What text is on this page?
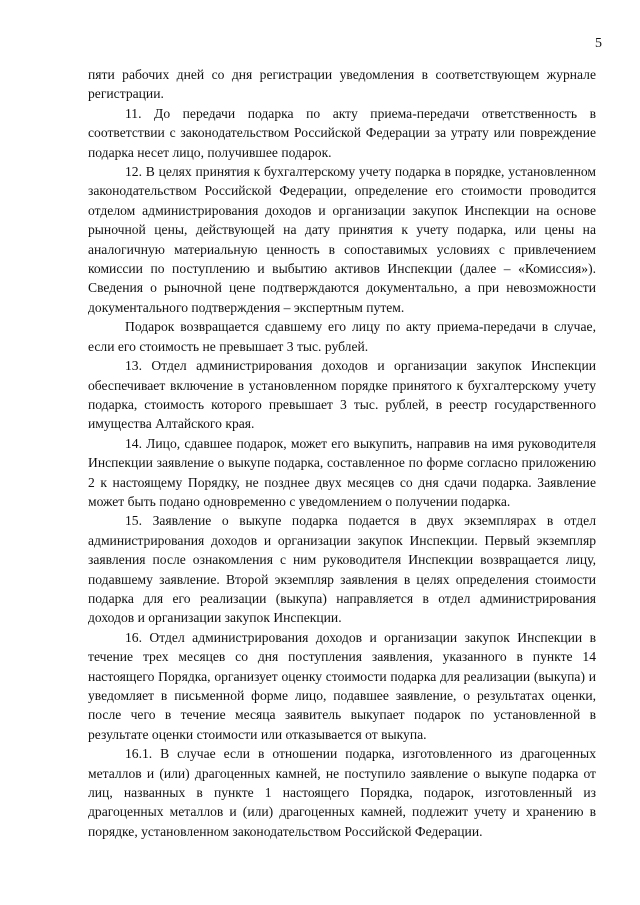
5

пяти рабочих дней со дня регистрации уведомления в соответствующем журнале регистрации.

11. До передачи подарка по акту приема-передачи ответственность в соответствии с законодательством Российской Федерации за утрату или повреждение подарка несет лицо, получившее подарок.

12. В целях принятия к бухгалтерскому учету подарка в порядке, установленном законодательством Российской Федерации, определение его стоимости проводится отделом администрирования доходов и организации закупок Инспекции на основе рыночной цены, действующей на дату принятия к учету подарка, или цены на аналогичную материальную ценность в сопоставимых условиях с привлечением комиссии по поступлению и выбытию активов Инспекции (далее – «Комиссия»). Сведения о рыночной цене подтверждаются документально, а при невозможности документального подтверждения – экспертным путем.

Подарок возвращается сдавшему его лицу по акту приема-передачи в случае, если его стоимость не превышает 3 тыс. рублей.

13. Отдел администрирования доходов и организации закупок Инспекции обеспечивает включение в установленном порядке принятого к бухгалтерскому учету подарка, стоимость которого превышает 3 тыс. рублей, в реестр государственного имущества Алтайского края.

14. Лицо, сдавшее подарок, может его выкупить, направив на имя руководителя Инспекции заявление о выкупе подарка, составленное по форме согласно приложению 2 к настоящему Порядку, не позднее двух месяцев со дня сдачи подарка. Заявление может быть подано одновременно с уведомлением о получении подарка.

15. Заявление о выкупе подарка подается в двух экземплярах в отдел администрирования доходов и организации закупок Инспекции. Первый экземпляр заявления после ознакомления с ним руководителя Инспекции возвращается лицу, подавшему заявление. Второй экземпляр заявления в целях определения стоимости подарка для его реализации (выкупа) направляется в отдел администрирования доходов и организации закупок Инспекции.

16. Отдел администрирования доходов и организации закупок Инспекции в течение трех месяцев со дня поступления заявления, указанного в пункте 14 настоящего Порядка, организует оценку стоимости подарка для реализации (выкупа) и уведомляет в письменной форме лицо, подавшее заявление, о результатах оценки, после чего в течение месяца заявитель выкупает подарок по установленной в результате оценки стоимости или отказывается от выкупа.

16.1. В случае если в отношении подарка, изготовленного из драгоценных металлов и (или) драгоценных камней, не поступило заявление о выкупе подарка от лиц, названных в пункте 1 настоящего Порядка, подарок, изготовленный из драгоценных металлов и (или) драгоценных камней, подлежит учету и хранению в порядке, установленном законодательством Российской Федерации.
